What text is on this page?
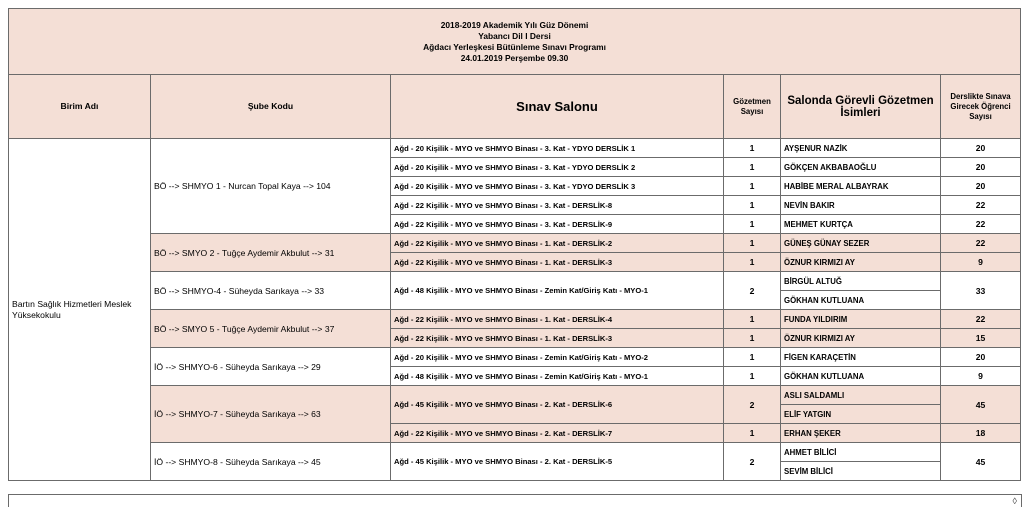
2018-2019 Akademik Yılı Güz Dönemi
Yabancı Dil I Dersi
Ağdacı Yerleşkesi Bütünleme Sınavı Programı
24.01.2019 Perşembe 09.30					

Birim Adı	Şube Kodu	Sınav Salonu	Gözetmen Sayısı	Salonda Görevli Gözetmen İsimleri	Derslikte Sınava Girecek Öğrenci Sayısı
Bartın Sağlık Hizmetleri Meslek Yüksekokulu	BÖ --> SHMYO 1 - Nurcan Topal Kaya --> 104	Ağd - 20 Kişilik - MYO ve SHMYO Binası - 3. Kat - YDYO DERSLİK 1	1	AYŞENUR NAZİK	20
		Ağd - 20 Kişilik - MYO ve SHMYO Binası - 3. Kat - YDYO DERSLİK 2	1	GÖKÇEN AKBABAOĞLU	20
		Ağd - 20 Kişilik - MYO ve SHMYO Binası - 3. Kat - YDYO DERSLİK 3	1	HABİBE MERAL ALBAYRAK	20
		Ağd - 22 Kişilik - MYO ve SHMYO Binası - 3. Kat - DERSLİK-8	1	NEVİN BAKIR	22
		Ağd - 22 Kişilik - MYO ve SHMYO Binası - 3. Kat - DERSLİK-9	1	MEHMET KURTÇA	22
	BÖ --> SMYO 2 - Tuğçe Aydemir Akbulut --> 31	Ağd - 22 Kişilik - MYO ve SHMYO Binası - 1. Kat - DERSLİK-2	1	GÜNEŞ GÜNAY SEZER	22
		Ağd - 22 Kişilik - MYO ve SHMYO Binası - 1. Kat - DERSLİK-3	1	ÖZNUR KIRMIZI AY	9
	BÖ --> SHMYO-4 - Süheyda Sarıkaya --> 33	Ağd - 48 Kişilik - MYO ve SHMYO Binası - Zemin Kat/Giriş Katı - MYO-1	2	BİRGÜL ALTUĞ	33
				GÖKHAN KUTLUANA	
	BÖ --> SMYO 5 - Tuğçe Aydemir Akbulut --> 37	Ağd - 22 Kişilik - MYO ve SHMYO Binası - 1. Kat - DERSLİK-4	1	FUNDA YILDIRIM	22
		Ağd - 22 Kişilik - MYO ve SHMYO Binası - 1. Kat - DERSLİK-3	1	ÖZNUR KIRMIZI AY	15
	İÖ --> SHMYO-6 - Süheyda Sarıkaya --> 29	Ağd - 20 Kişilik - MYO ve SHMYO Binası - Zemin Kat/Giriş Katı - MYO-2	1	FİGEN KARAÇETİN	20
		Ağd - 48 Kişilik - MYO ve SHMYO Binası - Zemin Kat/Giriş Katı - MYO-1	1	GÖKHAN KUTLUANA	9
	İÖ --> SHMYO-7 - Süheyda Sarıkaya --> 63	Ağd - 45 Kişilik - MYO ve SHMYO Binası - 2. Kat - DERSLİK-6	2	ASLI SALDAMLI	45
				ELİF YATGIN	
		Ağd - 22 Kişilik - MYO ve SHMYO Binası - 2. Kat - DERSLİK-7	1	ERHAN ŞEKER	18
	İÖ --> SHMYO-8 - Süheyda Sarıkaya --> 45	Ağd - 45 Kişilik - MYO ve SHMYO Binası - 2. Kat - DERSLİK-5	2	AHMET BİLİCİ	45
				SEVİM BİLİCİ	
◊
